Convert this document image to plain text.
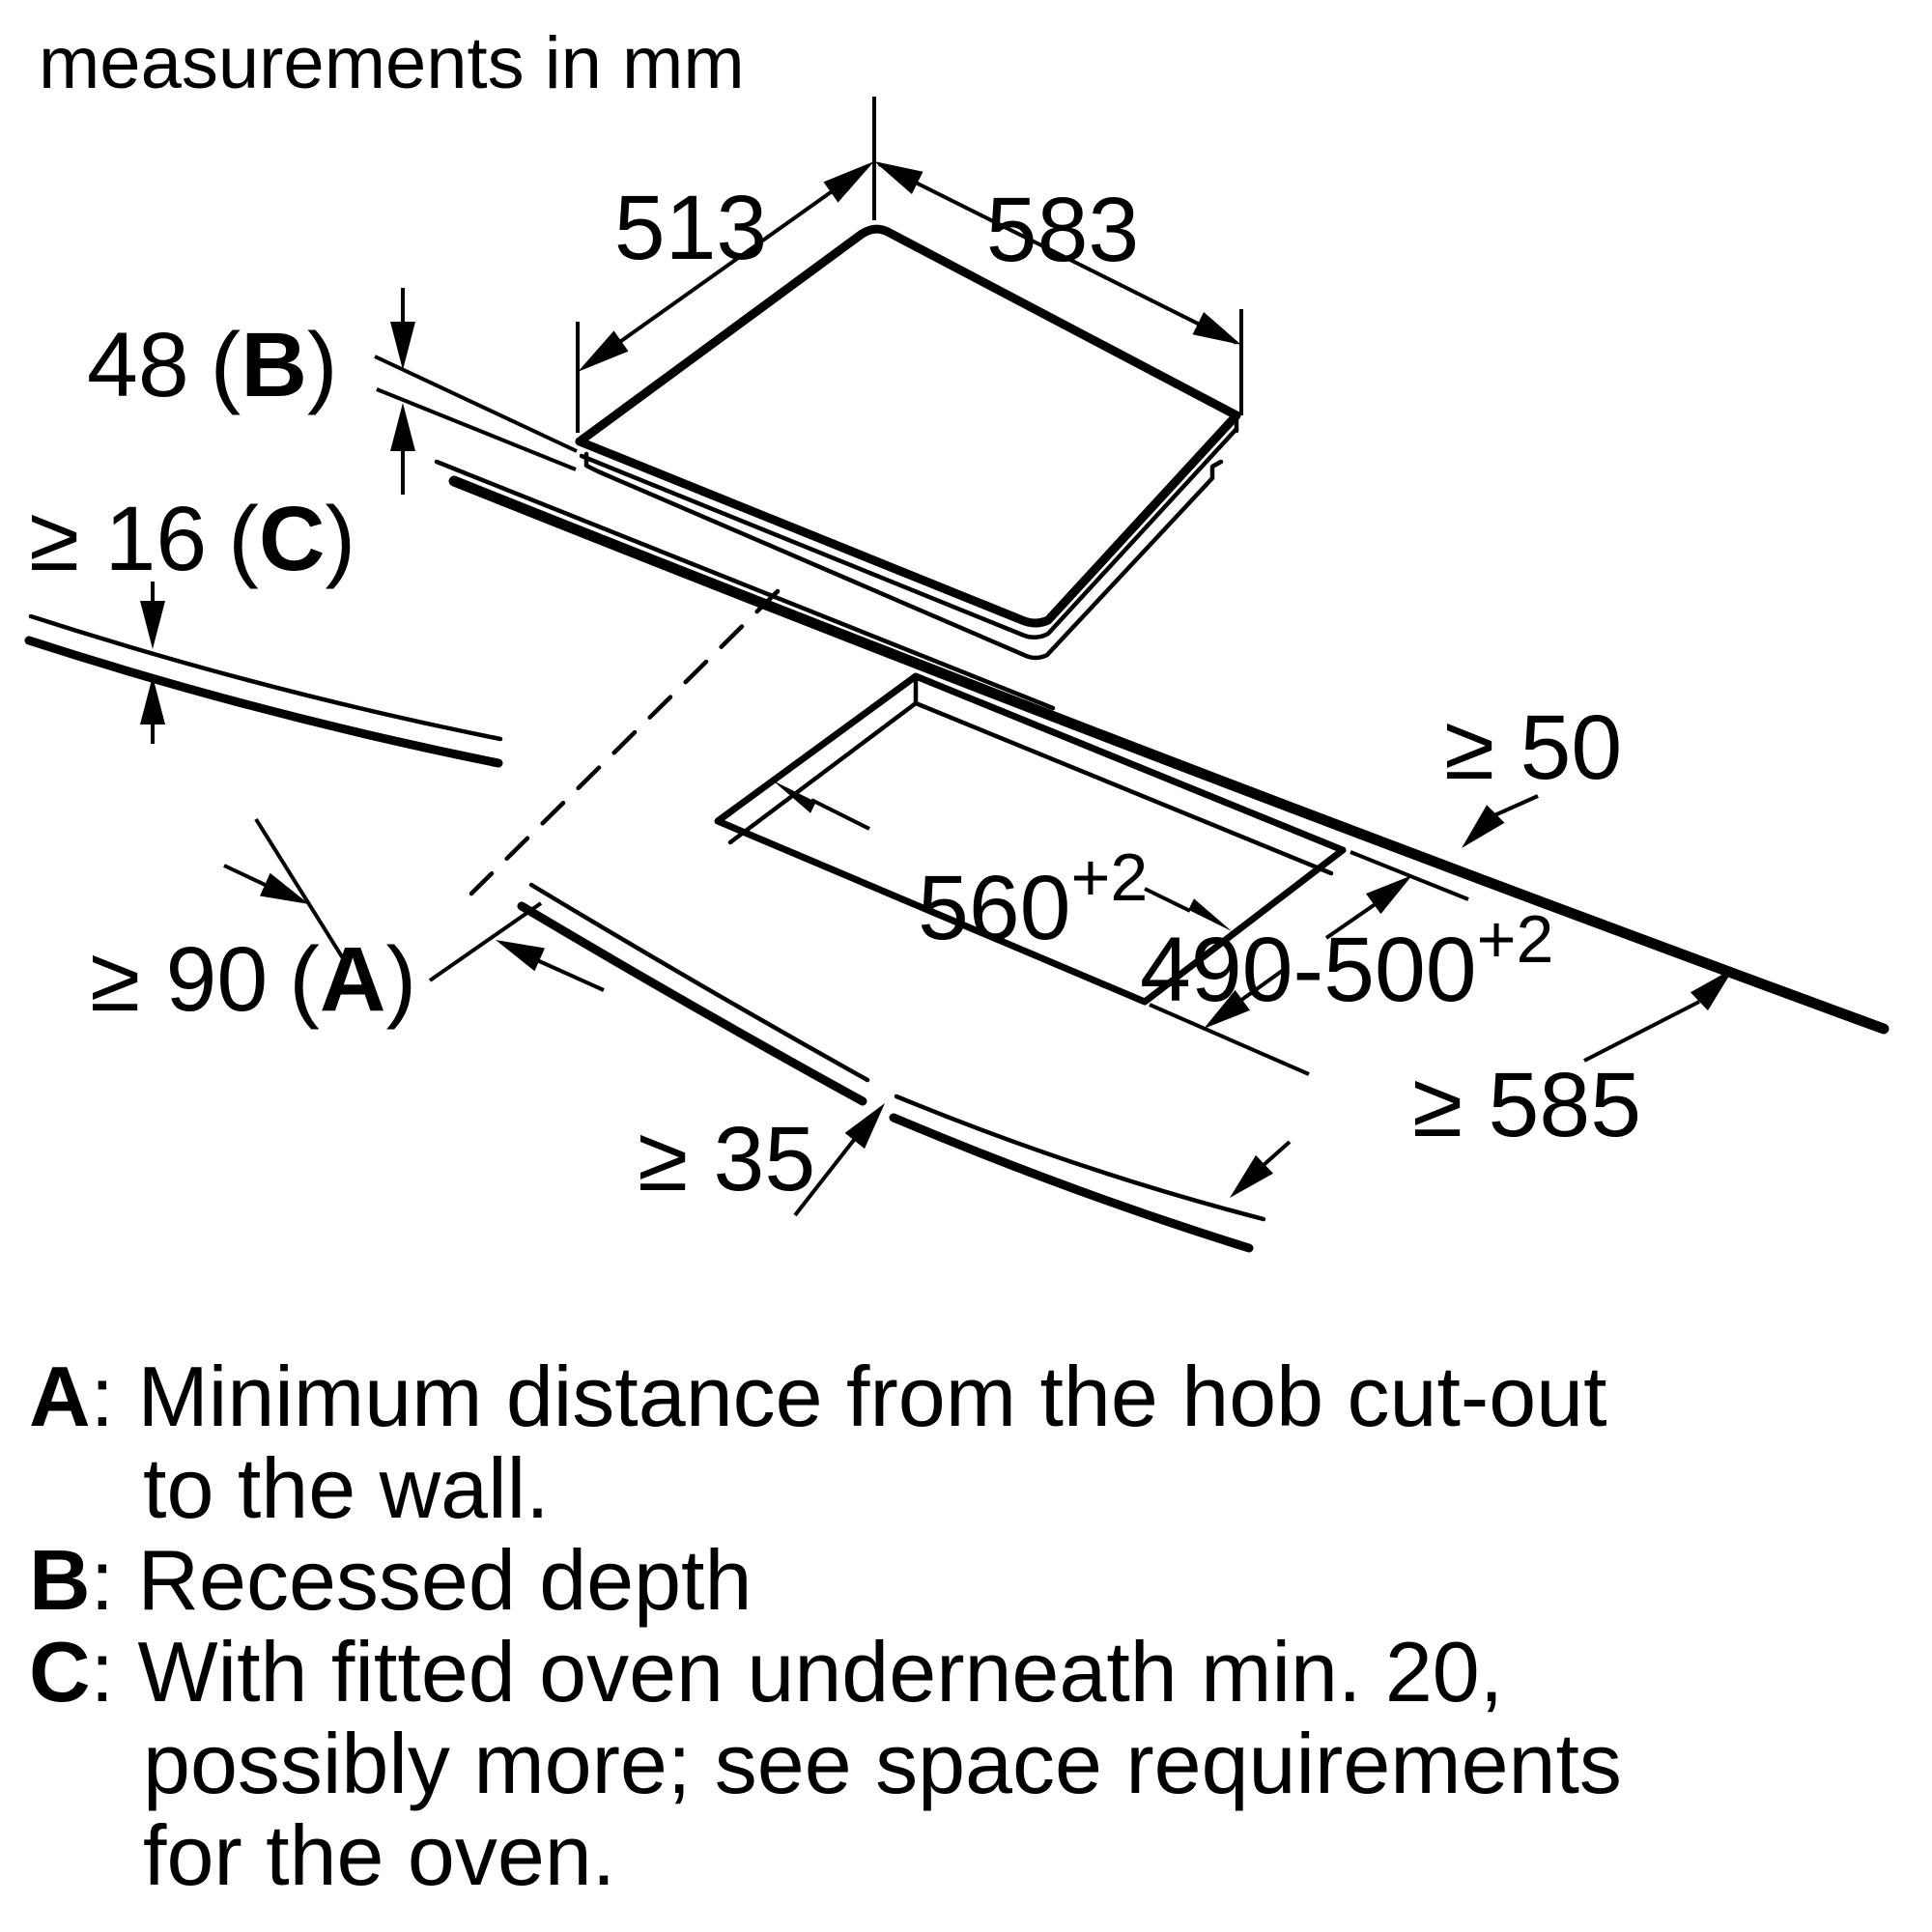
measurements in mm
513 583
48 (B)
≥ 16 (C)
≥ 90 (A)
$560^{+2}$
$490-500^{+2}$
≥ 50
≥ 35
≥ 585
A: Minimum distance from the hob cut-out
to the wall.
B: Recessed depth
C: With fitted oven underneath min. 20,
possibly more; see space requirements
for the oven.
